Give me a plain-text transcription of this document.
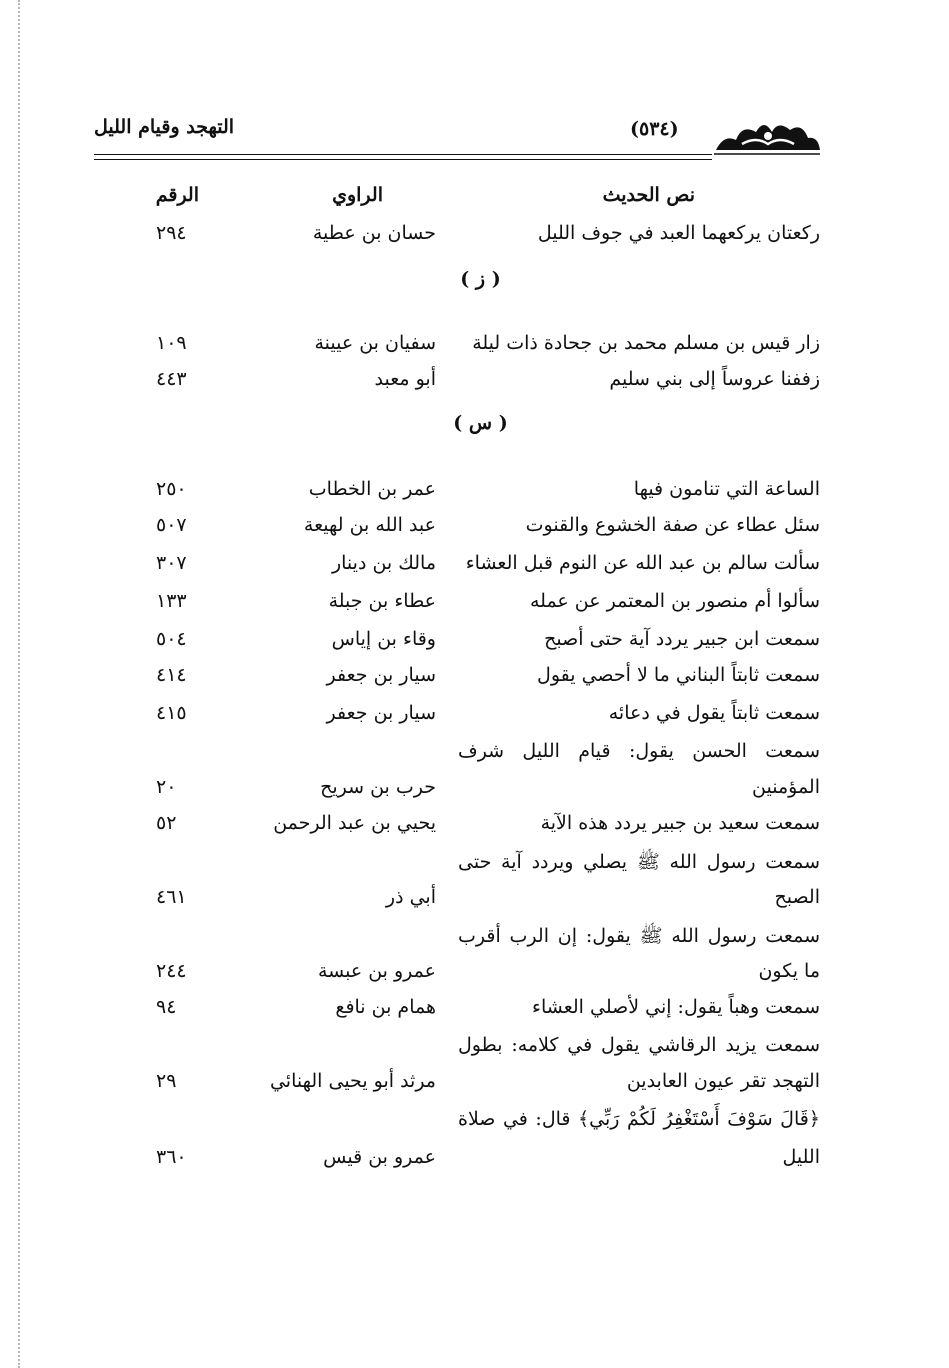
التهجد وقيام الليل	(٥٣٤)
نص الحديث
الراوي
الرقم
ركعتان يركعهما العبد في جوف الليل
حسان بن عطية
٢٩٤
( ز )
زار قيس بن مسلم محمد بن جحادة ذات ليلة
سفيان بن عيينة
١٠٩
زففنا عروساً إلى بني سليم
أبو معبد
٤٤٣
( س )
الساعة التي تنامون فيها
عمر بن الخطاب
٢٥٠
سئل عطاء عن صفة الخشوع والقنوت
عبد الله بن لهيعة
٥٠٧
سألت سالم بن عبد الله عن النوم قبل العشاء
مالك بن دينار
٣٠٧
سألوا أم منصور بن المعتمر عن عمله
عطاء بن جبلة
١٣٣
سمعت ابن جبير يردد آية حتى أصبح
وقاء بن إياس
٥٠٤
سمعت ثابتاً البناني ما لا أحصي يقول
سيار بن جعفر
٤١٤
سمعت ثابتاً يقول في دعائه
سيار بن جعفر
٤١٥
سمعت الحسن يقول: قيام الليل شرف
المؤمنين
حرب بن سريح
٢٠
سمعت سعيد بن جبير يردد هذه الآية
يحيي بن عبد الرحمن
٥٢
سمعت رسول الله ﷺ يصلي ويردد آية حتى
الصبح
أبي ذر
٤٦١
سمعت رسول الله ﷺ يقول: إن الرب أقرب
ما يكون
عمرو بن عبسة
٢٤٤
سمعت وهباً يقول: إني لأصلي العشاء
همام بن نافع
٩٤
سمعت يزيد الرقاشي يقول في كلامه: بطول
التهجد تقر عيون العابدين
مرثد أبو يحيى الهنائي
٢٩
﴿قَالَ سَوْفَ أَسْتَغْفِرُ لَكُمْ رَبِّي﴾ قال: في صلاة
الليل
عمرو بن قيس
٣٦٠
